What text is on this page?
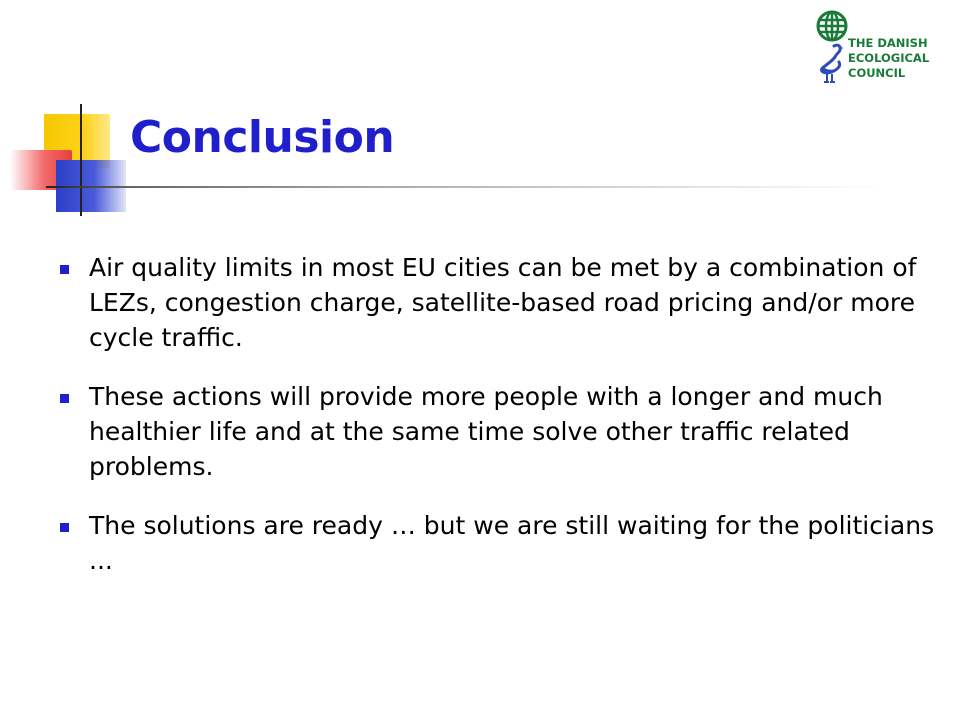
THE DANISH
ECOLOGICAL
COUNCIL
Conclusion
Air quality limits in most EU cities can be met by a combination of LEZs, congestion charge, satellite-based road pricing and/or more cycle traffic.
These actions will provide more people with a longer and much healthier life and at the same time solve other traffic related problems.
The solutions are ready … but we are still waiting for the politicians ...
